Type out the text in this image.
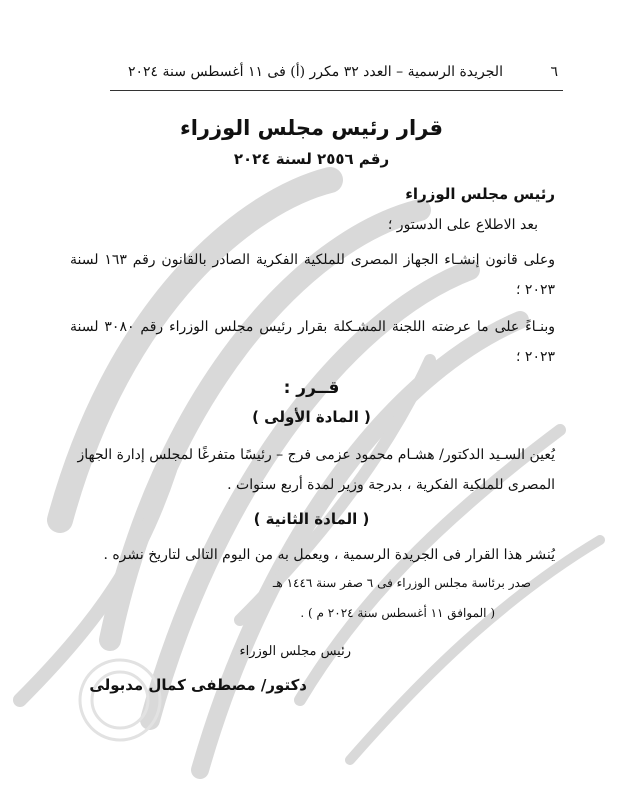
٦
الجريدة الرسمية – العدد ٣٢ مكرر (أ) فى ١١ أغسطس سنة ٢٠٢٤
قرار رئيس مجلس الوزراء
رقم ٢٥٥٦ لسنة ٢٠٢٤
رئيس مجلس الوزراء
بعد الاطلاع على الدستور ؛
وعلى قانون إنشـاء الجهاز المصرى للملكية الفكرية الصادر بالقانون رقم ١٦٣ لسنة ٢٠٢٣ ؛
وبنـاءً على ما عرضته اللجنة المشـكلة بقرار رئيس مجلس الوزراء رقم ٣٠٨٠ لسنة ٢٠٢٣ ؛
قــرر :
( المادة الأولى )
يُعين السـيد الدكتور/ هشـام محمود عزمى فرج – رئيسًا متفرغًا لمجلس إدارة الجهاز المصرى للملكية الفكرية ، بدرجة وزير لمدة أربع سنوات .
( المادة الثانية )
يُنشر هذا القرار فى الجريدة الرسمية ، ويعمل به من اليوم التالى لتاريخ نشره .
صدر برئاسة مجلس الوزراء فى ٦ صفر سنة ١٤٤٦ هـ
( الموافق ١١ أغسطس سنة ٢٠٢٤ م ) .
رئيس مجلس الوزراء
دكتور/ مصطفى كمال مدبولى
